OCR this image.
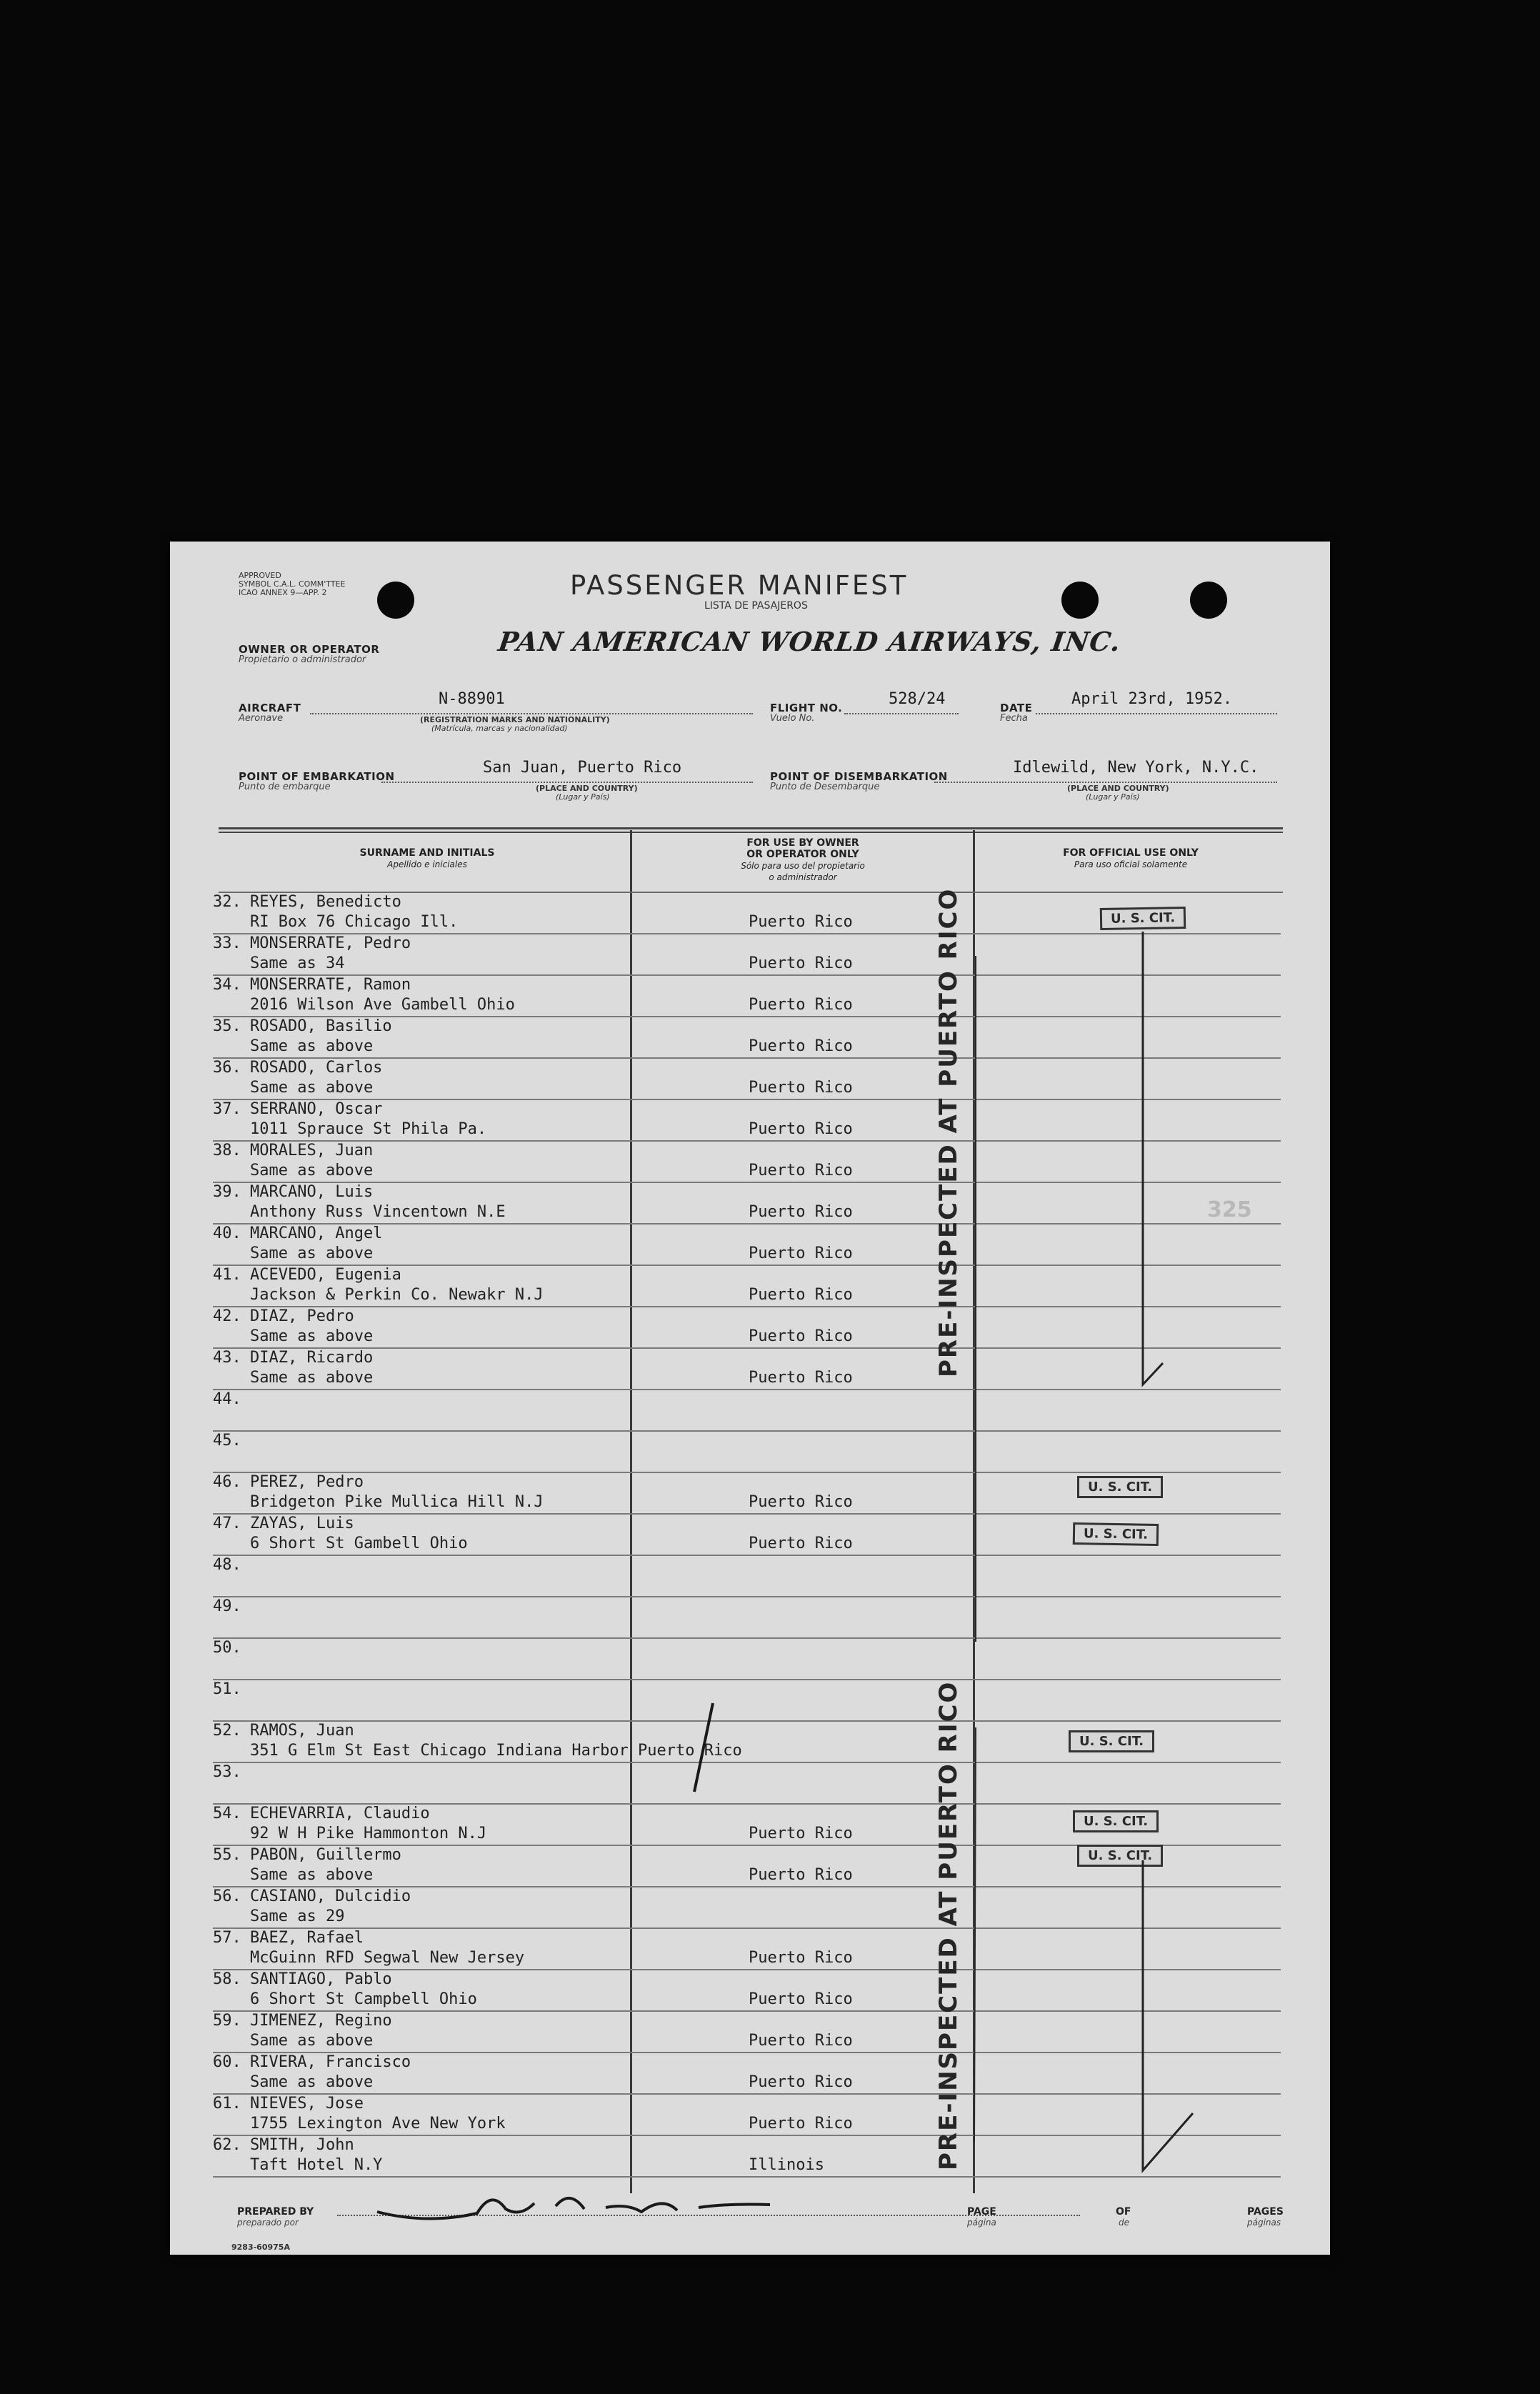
APPROVED
SYMBOL C.A.L. COMM'TTEE
ICAO ANNEX 9—APP. 2	PASSENGER MANIFEST
LISTA DE PASAJEROS
OWNER OR OPERATOR
Propietario o administrador
PAN AMERICAN WORLD AIRWAYS, INC.
AIRCRAFT
Aeronave
N-88901
(REGISTRATION MARKS AND NATIONALITY)
(Matrícula, marcas y nacionalidad)
FLIGHT NO.
Vuelo No.
528/24	DATE
Fecha
April 23rd, 1952.
POINT OF EMBARKATION
Punto de embarque
San Juan, Puerto Rico
(PLACE AND COUNTRY)
(Lugar y País)
POINT OF DISEMBARKATION
Punto de Desembarque
Idlewild, New York, N.Y.C.
(PLACE AND COUNTRY)
(Lugar y País)
SURNAME AND INITIALS
Apellido e iniciales
FOR USE BY OWNER
OR OPERATOR ONLY
Sólo para uso del propietario
o administrador
FOR OFFICIAL USE ONLY
Para uso oficial solamente
32. REYES, Benedicto
RI Box 76 Chicago Ill.	Puerto Rico
33. MONSERRATE, Pedro
Same as 34	Puerto Rico
34. MONSERRATE, Ramon
2016 Wilson Ave Gambell Ohio	Puerto Rico
35. ROSADO, Basilio
Same as above	Puerto Rico
36. ROSADO, Carlos
Same as above	Puerto Rico
37. SERRANO, Oscar
1011 Sprauce St Phila Pa.	Puerto Rico
38. MORALES, Juan
Same as above	Puerto Rico
39. MARCANO, Luis
Anthony Russ Vincentown N.E	Puerto Rico
40. MARCANO, Angel
Same as above	Puerto Rico
41. ACEVEDO, Eugenia
Jackson & Perkin Co. Newakr N.J	Puerto Rico
42. DIAZ, Pedro
Same as above	Puerto Rico
43. DIAZ, Ricardo
Same as above	Puerto Rico
44.
45.
46. PEREZ, Pedro
Bridgeton Pike Mullica Hill N.J	Puerto Rico
47. ZAYAS, Luis
6 Short St Gambell Ohio	Puerto Rico
48.
49.
50.
51.
52. RAMOS, Juan
351 G Elm St East Chicago Indiana Harbor Puerto Rico
53.
54. ECHEVARRIA, Claudio
92 W H Pike Hammonton N.J	Puerto Rico
55. PABON, Guillermo
Same as above	Puerto Rico
56. CASIANO, Dulcidio
Same as 29
57. BAEZ, Rafael
McGuinn RFD Segwal New Jersey	Puerto Rico
58. SANTIAGO, Pablo
6 Short St Campbell Ohio	Puerto Rico
59. JIMENEZ, Regino
Same as above	Puerto Rico
60. RIVERA, Francisco
Same as above	Puerto Rico
61. NIEVES, Jose
1755 Lexington Ave New York	Puerto Rico
62. SMITH, John
Taft Hotel N.Y	Illinois
PRE-INSPECTED AT PUERTO RICO
PRE-INSPECTED AT PUERTO RICO
U. S. CIT.
U. S. CIT.
U. S. CIT.
U. S. CIT.
U. S. CIT.
U. S. CIT.
325
PREPARED BY
preparado por
PAGE
página
OF
de
PAGES
páginas
9283-60975A
